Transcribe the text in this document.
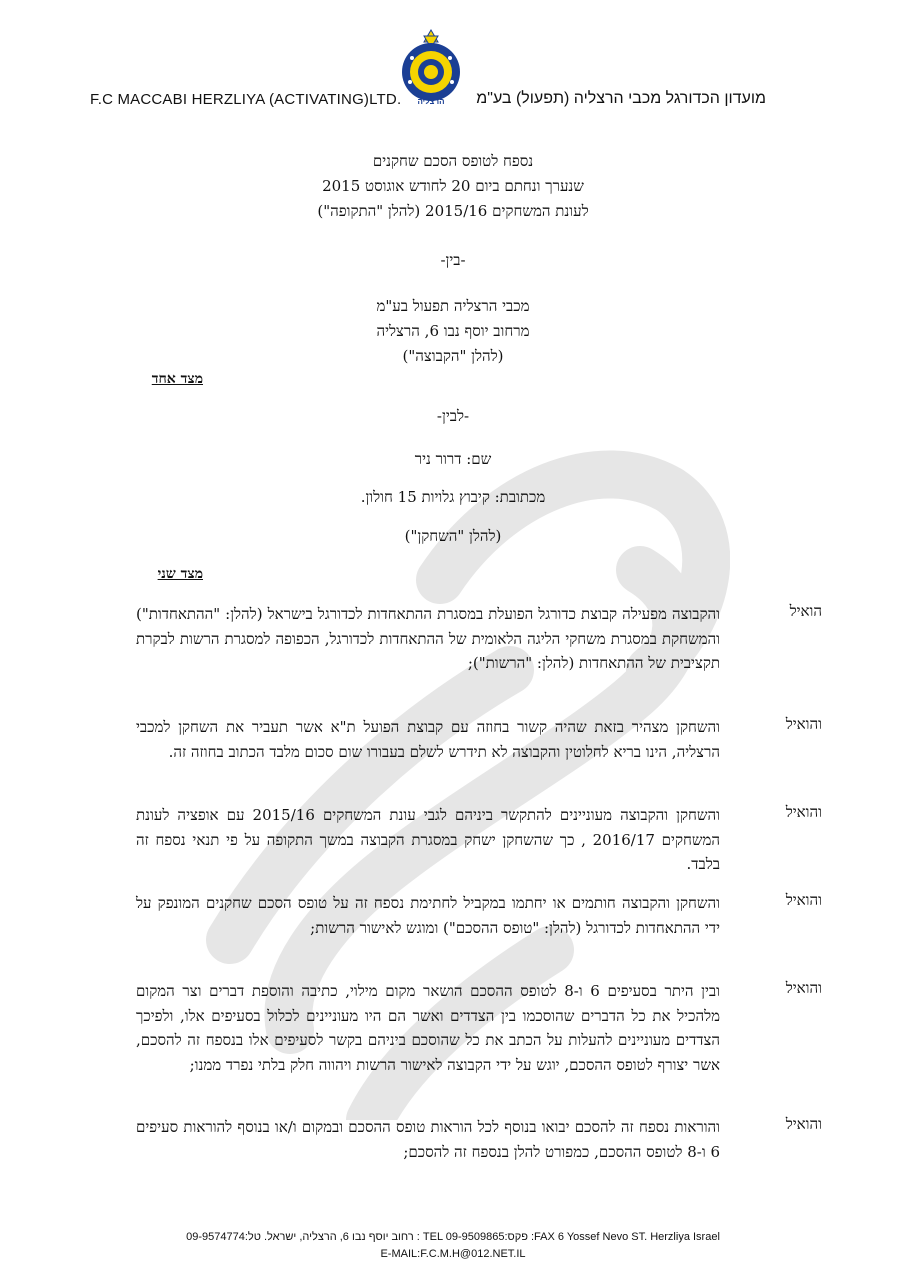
F.C MACCABI HERZLIYA (ACTIVATING)LTD.	הרצליה	מועדון הכדורגל מכבי הרצליה (תפעול) בע"מ
נספח לטופס הסכם שחקנים
שנערך ונחתם ביום 20 לחודש אוגוסט 2015
לעונת המשחקים 2015/16 (להלן "התקופה")
-בין-
מכבי הרצליה תפעול בע"מ
מרחוב יוסף נבו 6, הרצליה
(להלן "הקבוצה")
מצד אחד
-לבין-
שם: דרור ניר
מכתובת: קיבוץ גלויות 15 חולון.
(להלן "השחקן")
מצד שני
הואיל
והקבוצה מפעילה קבוצת כדורגל הפועלת במסגרת ההתאחדות לכדורגל בישראל (להלן: "ההתאחדות") והמשחקת במסגרת משחקי הליגה הלאומית של ההתאחדות לכדורגל, הכפופה למסגרת הרשות לבקרת תקציבית של ההתאחדות (להלן: "הרשות");
והואיל
והשחקן מצהיר בזאת שהיה קשור בחוזה עם קבוצת הפועל ת"א אשר תעביר את השחקן למכבי הרצליה, הינו בריא לחלוטין והקבוצה לא תידרש לשלם בעבורו שום סכום מלבד הכתוב בחוזה זה.
והואיל
והשחקן והקבוצה מעוניינים להתקשר ביניהם לגבי עונת המשחקים 2015/16 עם אופציה לעונת המשחקים 2016/17 , כך שהשחקן ישחק במסגרת הקבוצה במשך התקופה על פי תנאי נספח זה בלבד.
והואיל
והשחקן והקבוצה חותמים או יחתמו במקביל לחתימת נספח זה על טופס הסכם שחקנים המונפק על ידי ההתאחדות לכדורגל (להלן: "טופס ההסכם") ומוגש לאישור הרשות;
והואיל
ובין היתר בסעיפים 6 ו-8 לטופס ההסכם הושאר מקום מילוי, כתיבה והוספת דברים וצר המקום מלהכיל את כל הדברים שהוסכמו בין הצדדים ואשר הם היו מעוניינים לכלול בסעיפים אלו, ולפיכך הצדדים מעוניינים להעלות על הכתב את כל שהוסכם ביניהם בקשר לסעיפים אלו בנספח זה להסכם, אשר יצורף לטופס ההסכם, יוגש על ידי הקבוצה לאישור הרשות ויהווה חלק בלתי נפרד ממנו;
והואיל
והוראות נספח זה להסכם יבואו בנוסף לכל הוראות טופס ההסכם ובמקום ו/או בנוסף להוראות סעיפים 6 ו-8 לטופס ההסכם, כמפורט להלן בנספח זה להסכם;
רחוב יוסף נבו 6, הרצליה, ישראל. טל:09-9574774 : TEL פקס:09-9509865 :FAX 6 Yossef Nevo ST. Herzliya Israel
E-MAIL:F.C.M.H@012.NET.IL
